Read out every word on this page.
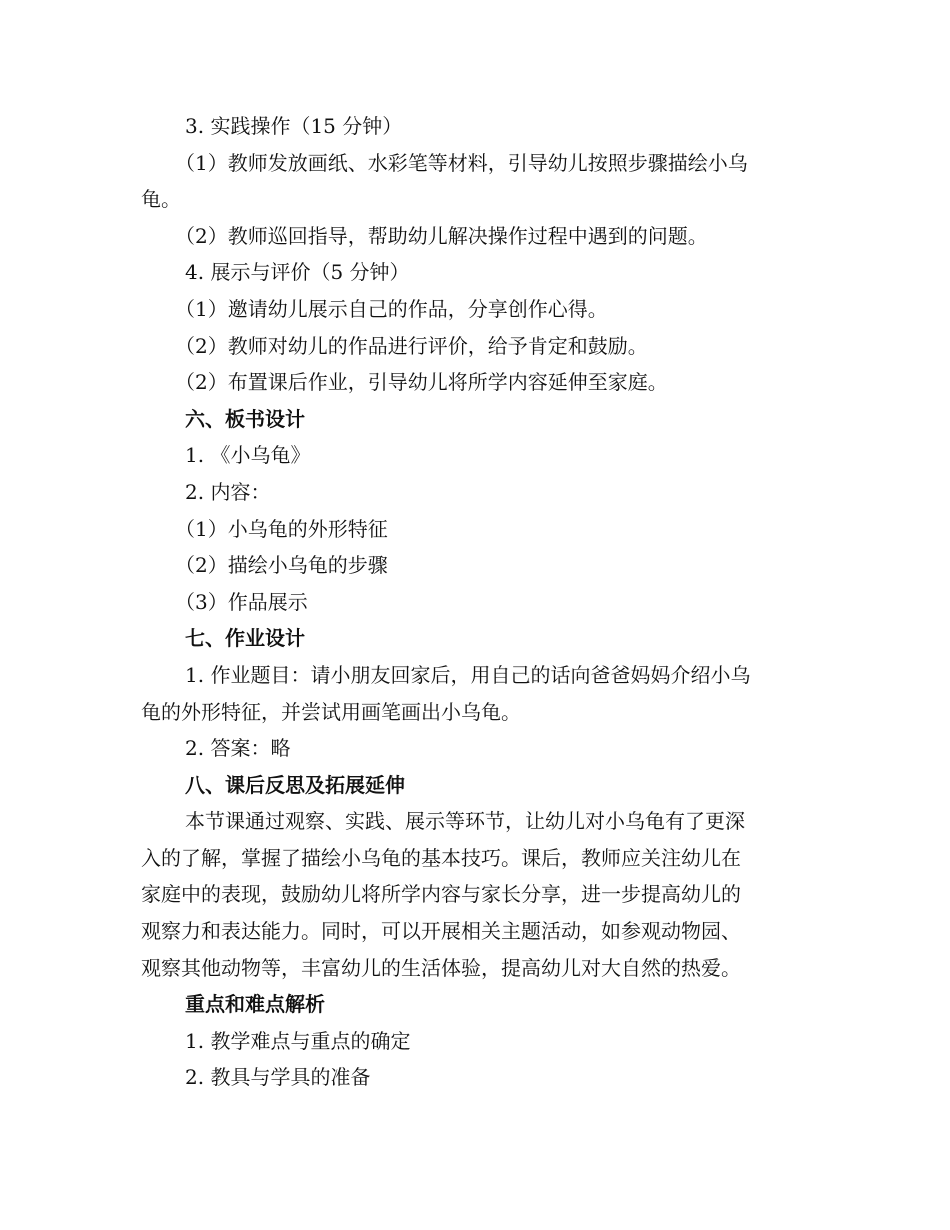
3. 实践操作（15 分钟）
（1）教师发放画纸、水彩笔等材料，引导幼儿按照步骤描绘小乌
龟。
（2）教师巡回指导，帮助幼儿解决操作过程中遇到的问题。
4. 展示与评价（5 分钟）
（1）邀请幼儿展示自己的作品，分享创作心得。
（2）教师对幼儿的作品进行评价，给予肯定和鼓励。
（2）布置课后作业，引导幼儿将所学内容延伸至家庭。
六、板书设计
1. 《小乌龟》
2. 内容：
（1）小乌龟的外形特征
（2）描绘小乌龟的步骤
（3）作品展示
七、作业设计
1. 作业题目：请小朋友回家后，用自己的话向爸爸妈妈介绍小乌
龟的外形特征，并尝试用画笔画出小乌龟。
2. 答案：略
八、课后反思及拓展延伸
本节课通过观察、实践、展示等环节，让幼儿对小乌龟有了更深
入的了解，掌握了描绘小乌龟的基本技巧。课后，教师应关注幼儿在
家庭中的表现，鼓励幼儿将所学内容与家长分享，进一步提高幼儿的
观察力和表达能力。同时，可以开展相关主题活动，如参观动物园、
观察其他动物等，丰富幼儿的生活体验，提高幼儿对大自然的热爱。
重点和难点解析
1. 教学难点与重点的确定
2. 教具与学具的准备
